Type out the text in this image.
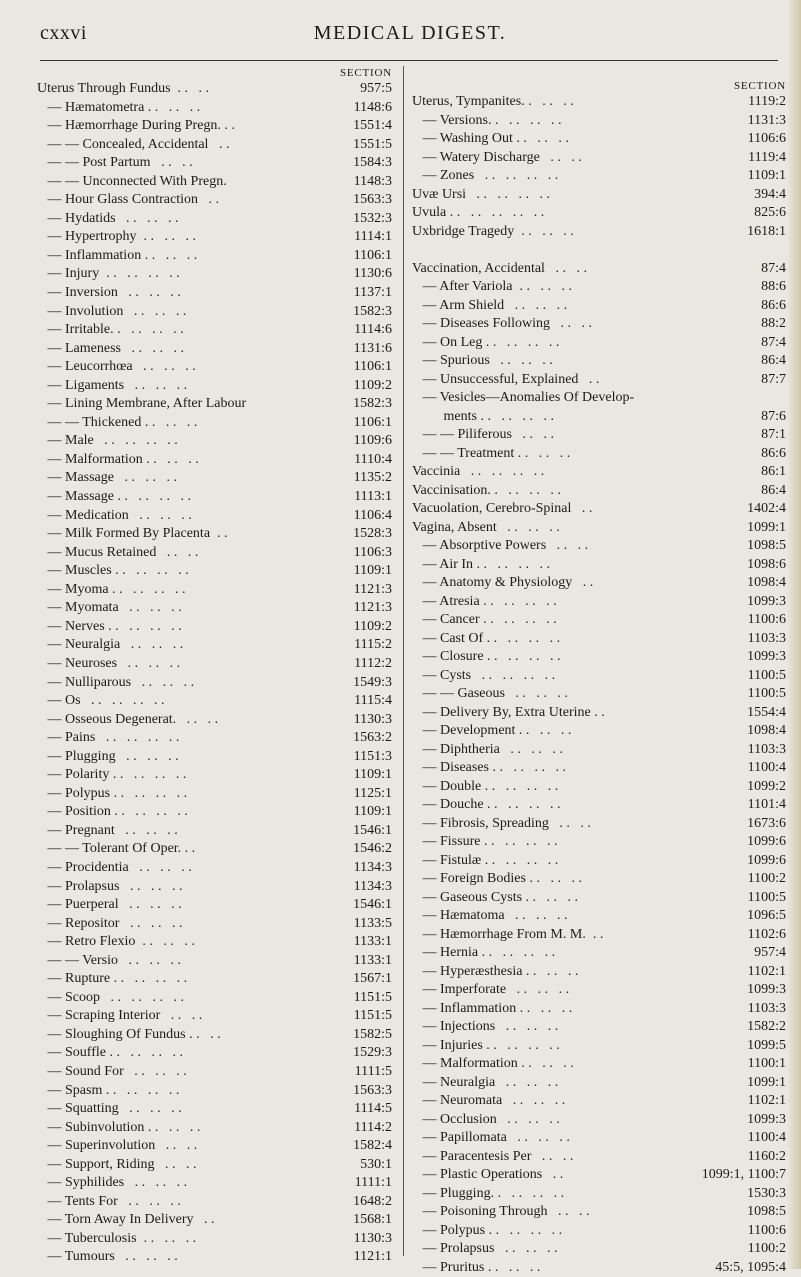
cxxvi	MEDICAL DIGEST.
SECTION
Uterus Through Fundus  . .   . .	957:5
— Hæmatometra . .   . .   . .	1148:6
— Hæmorrhage During Pregn. . .	1551:4
— — Concealed, Accidental   . .	1551:5
— — Post Partum   . .   . .	1584:3
— — Unconnected With Pregn.	1148:3
— Hour Glass Contraction   . .	1563:3
— Hydatids   . .   . .   . .	1532:3
— Hypertrophy  . .   . .   . .	1114:1
— Inflammation . .   . .   . .	1106:1
— Injury  . .   . .   . .   . .	1130:6
— Inversion   . .   . .   . .	1137:1
— Involution   . .   . .   . .	1582:3
— Irritable. .   . .   . .   . .	1114:6
— Lameness   . .   . .   . .	1131:6
— Leucorrhœa   . .   . .   . .	1106:1
— Ligaments   . .   . .   . .	1109:2
— Lining Membrane, After Labour	1582:3
— — Thickened . .   . .   . .	1106:1
— Male   . .   . .   . .   . .	1109:6
— Malformation . .   . .   . .	1110:4
— Massage   . .   . .   . .	1135:2
— Massage . .   . .   . .   . .	1113:1
— Medication   . .   . .   . .	1106:4
— Milk Formed By Placenta  . .	1528:3
— Mucus Retained   . .   . .	1106:3
— Muscles . .   . .   . .   . .	1109:1
— Myoma . .   . .   . .   . .	1121:3
— Myomata   . .   . .   . .	1121:3
— Nerves . .   . .   . .   . .	1109:2
— Neuralgia   . .   . .   . .	1115:2
— Neuroses   . .   . .   . .	1112:2
— Nulliparous   . .   . .   . .	1549:3
— Os   . .   . .   . .   . .	1115:4
— Osseous Degenerat.   . .   . .	1130:3
— Pains   . .   . .   . .   . .	1563:2
— Plugging   . .   . .   . .	1151:3
— Polarity . .   . .   . .   . .	1109:1
— Polypus . .   . .   . .   . .	1125:1
— Position . .   . .   . .   . .	1109:1
— Pregnant   . .   . .   . .	1546:1
— — Tolerant Of Oper. . .	1546:2
— Procidentia   . .   . .   . .	1134:3
— Prolapsus   . .   . .   . .	1134:3
— Puerperal   . .   . .   . .	1546:1
— Repositor   . .   . .   . .	1133:5
— Retro Flexio  . .   . .   . .	1133:1
— — Versio   . .   . .   . .	1133:1
— Rupture . .   . .   . .   . .	1567:1
— Scoop   . .   . .   . .   . .	1151:5
— Scraping Interior   . .   . .	1151:5
— Sloughing Of Fundus . .   . .	1582:5
— Souffle . .   . .   . .   . .	1529:3
— Sound For   . .   . .   . .	1111:5
— Spasm . .   . .   . .   . .	1563:3
— Squatting   . .   . .   . .	1114:5
— Subinvolution . .   . .   . .	1114:2
— Superinvolution   . .   . .	1582:4
— Support, Riding   . .   . .	530:1
— Syphilides   . .   . .   . .	1111:1
— Tents For   . .   . .   . .	1648:2
— Torn Away In Delivery   . .	1568:1
— Tuberculosis  . .   . .   . .	1130:3
— Tumours   . .   . .   . .	1121:1
SECTION
Uterus, Tympanites. .   . .   . .	1119:2
— Versions. .   . .   . .   . .	1131:3
— Washing Out . .   . .   . .	1106:6
— Watery Discharge   . .   . .	1119:4
— Zones   . .   . .   . .   . .	1109:1
Uvæ Ursi   . .   . .   . .   . .	394:4
Uvula . .   . .   . .   . .   . .	825:6
Uxbridge Tragedy  . .   . .   . .	1618:1
Vaccination, Accidental   . .   . .	87:4
— After Variola  . .   . .   . .	88:6
— Arm Shield   . .   . .   . .	86:6
— Diseases Following   . .   . .	88:2
— On Leg . .   . .   . .   . .	87:4
— Spurious   . .   . .   . .	86:4
— Unsuccessful, Explained   . .	87:7
— Vesicles—Anomalies Of Develop-
ments . .   . .   . .   . .	87:6
— — Piliferous   . .   . .	87:1
— — Treatment . .   . .   . .	86:6
Vaccinia   . .   . .   . .   . .	86:1
Vaccinisation. .   . .   . .   . .	86:4
Vacuolation, Cerebro-Spinal   . .	1402:4
Vagina, Absent   . .   . .   . .	1099:1
— Absorptive Powers   . .   . .	1098:5
— Air In . .   . .   . .   . .	1098:6
— Anatomy & Physiology   . .	1098:4
— Atresia . .   . .   . .   . .	1099:3
— Cancer . .   . .   . .   . .	1100:6
— Cast Of . .   . .   . .   . .	1103:3
— Closure . .   . .   . .   . .	1099:3
— Cysts   . .   . .   . .   . .	1100:5
— — Gaseous   . .   . .   . .	1100:5
— Delivery By, Extra Uterine . .	1554:4
— Development . .   . .   . .	1098:4
— Diphtheria   . .   . .   . .	1103:3
— Diseases . .   . .   . .   . .	1100:4
— Double . .   . .   . .   . .	1099:2
— Douche . .   . .   . .   . .	1101:4
— Fibrosis, Spreading   . .   . .	1673:6
— Fissure . .   . .   . .   . .	1099:6
— Fistulæ . .   . .   . .   . .	1099:6
— Foreign Bodies . .   . .   . .	1100:2
— Gaseous Cysts . .   . .   . .	1100:5
— Hæmatoma   . .   . .   . .	1096:5
— Hæmorrhage From M. M.  . .	1102:6
— Hernia . .   . .   . .   . .	957:4
— Hyperæsthesia . .   . .   . .	1102:1
— Imperforate   . .   . .   . .	1099:3
— Inflammation . .   . .   . .	1103:3
— Injections   . .   . .   . .	1582:2
— Injuries . .   . .   . .   . .	1099:5
— Malformation . .   . .   . .	1100:1
— Neuralgia   . .   . .   . .	1099:1
— Neuromata   . .   . .   . .	1102:1
— Occlusion   . .   . .   . .	1099:3
— Papillomata   . .   . .   . .	1100:4
— Paracentesis Per   . .   . .	1160:2
— Plastic Operations   . .	1099:1, 1100:7
— Plugging. .   . .   . .   . .	1530:3
— Poisoning Through   . .   . .	1098:5
— Polypus . .   . .   . .   . .	1100:6
— Prolapsus   . .   . .   . .	1100:2
— Pruritus . .   . .   . .	45:5, 1095:4
